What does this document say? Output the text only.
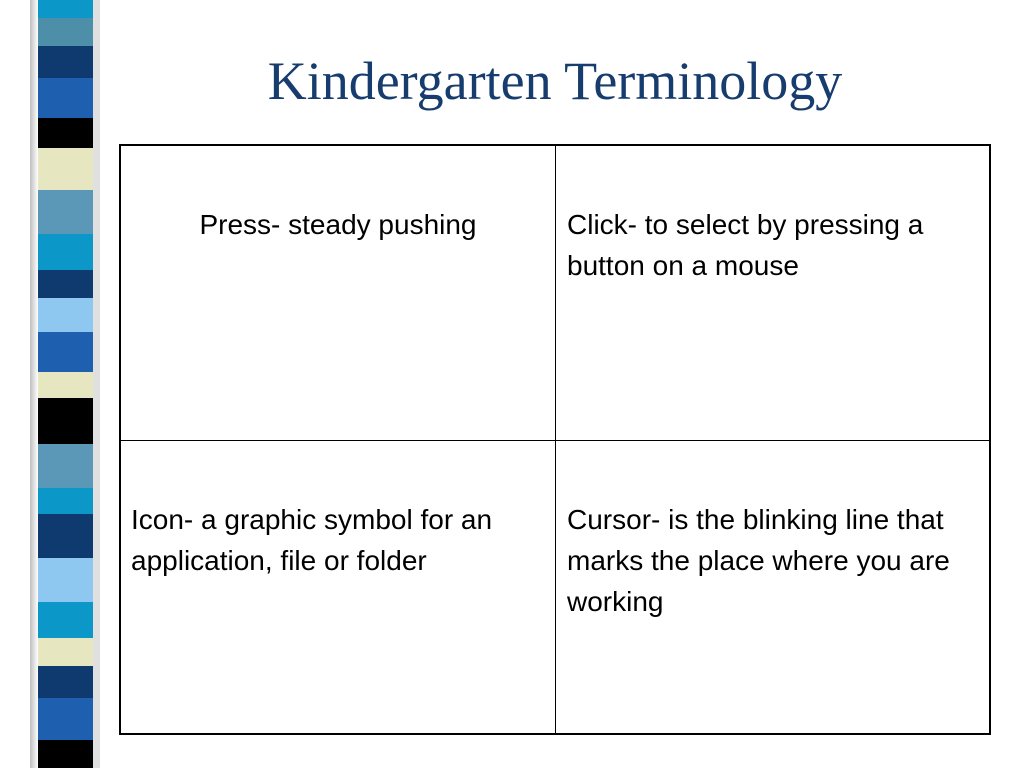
Kindergarten Terminology
Press- steady pushing	Click- to select by pressing a button on a mouse
Icon- a graphic symbol for an application, file or folder	Cursor- is the blinking line that marks the place where you are working
